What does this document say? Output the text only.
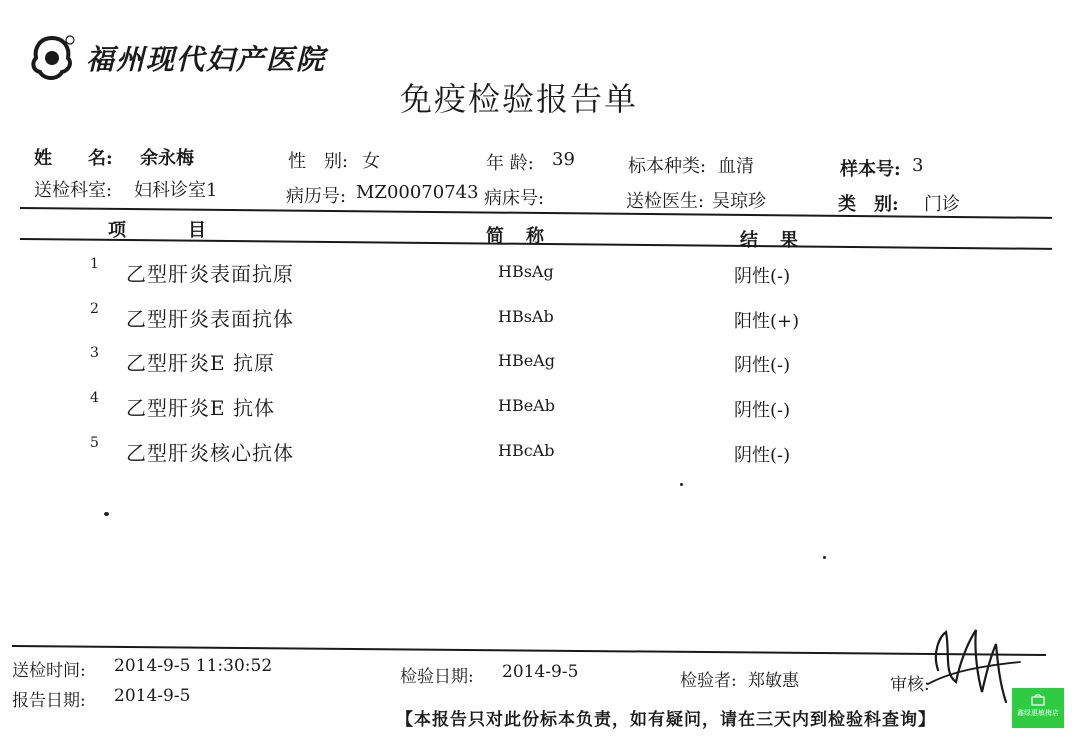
福州现代妇产医院
免疫检验报告单
姓　　名: 余永梅	性　别: 女	年 龄: 39	标本种类: 血清	样本号: 3
送检科室: 妇科诊室1	病历号: MZ00070743 病床号:	送检医生: 吴琼珍	类　别: 门诊
项　　　目	简　称	结　果
1 乙型肝炎表面抗原	HBsAg	阴性(-)
2 乙型肝炎表面抗体	HBsAb	阳性(+)
3 乙型肝炎E 抗原	HBeAg	阴性(-)
4 乙型肝炎E 抗体	HBeAb	阴性(-)
5 乙型肝炎核心抗体	HBcAb	阴性(-)
送检时间: 2014-9-5 11:30:52
检验日期: 2014-9-5	检验者: 郑敏惠	审核:
报告日期: 2014-9-5
【本报告只对此份标本负责，如有疑问，请在三天内到检验科查询】	鑫绿惠敏梅店
